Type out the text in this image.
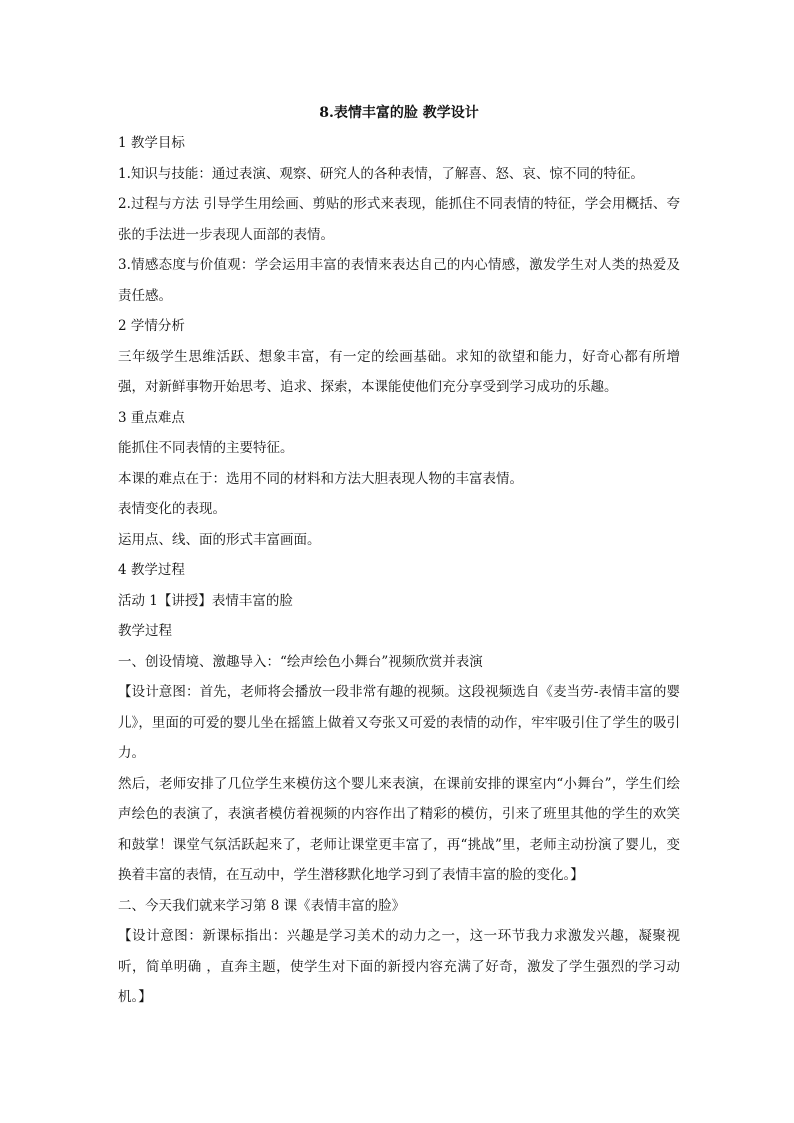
8.表情丰富的脸 教学设计

1 教学目标

1.知识与技能：通过表演、观察、研究人的各种表情，了解喜、怒、哀、惊不同的特征。

2.过程与方法 引导学生用绘画、剪贴的形式来表现，能抓住不同表情的特征，学会用概括、夸张的手法进一步表现人面部的表情。

3.情感态度与价值观：学会运用丰富的表情来表达自己的内心情感，激发学生对人类的热爱及责任感。

2 学情分析

三年级学生思维活跃、想象丰富，有一定的绘画基础。求知的欲望和能力，好奇心都有所增强，对新鲜事物开始思考、追求、探索，本课能使他们充分享受到学习成功的乐趣。

3 重点难点

能抓住不同表情的主要特征。

本课的难点在于：选用不同的材料和方法大胆表现人物的丰富表情。

表情变化的表现。

运用点、线、面的形式丰富画面。

4 教学过程

活动 1【讲授】表情丰富的脸

教学过程

一、创设情境、激趣导入：“绘声绘色小舞台”视频欣赏并表演

【设计意图：首先，老师将会播放一段非常有趣的视频。这段视频选自《麦当劳-表情丰富的婴儿》，里面的可爱的婴儿坐在摇篮上做着又夸张又可爱的表情的动作，牢牢吸引住了学生的吸引力。

然后，老师安排了几位学生来模仿这个婴儿来表演，在课前安排的课室内“小舞台”，学生们绘声绘色的表演了，表演者模仿着视频的内容作出了精彩的模仿，引来了班里其他的学生的欢笑和鼓掌！课堂气氛活跃起来了，老师让课堂更丰富了，再“挑战”里，老师主动扮演了婴儿，变换着丰富的表情，在互动中，学生潜移默化地学习到了表情丰富的脸的变化。】

二、今天我们就来学习第 8 课《表情丰富的脸》

【设计意图：新课标指出：兴趣是学习美术的动力之一，这一环节我力求激发兴趣，凝聚视听，简单明确 ，直奔主题，使学生对下面的新授内容充满了好奇，激发了学生强烈的学习动机。】
